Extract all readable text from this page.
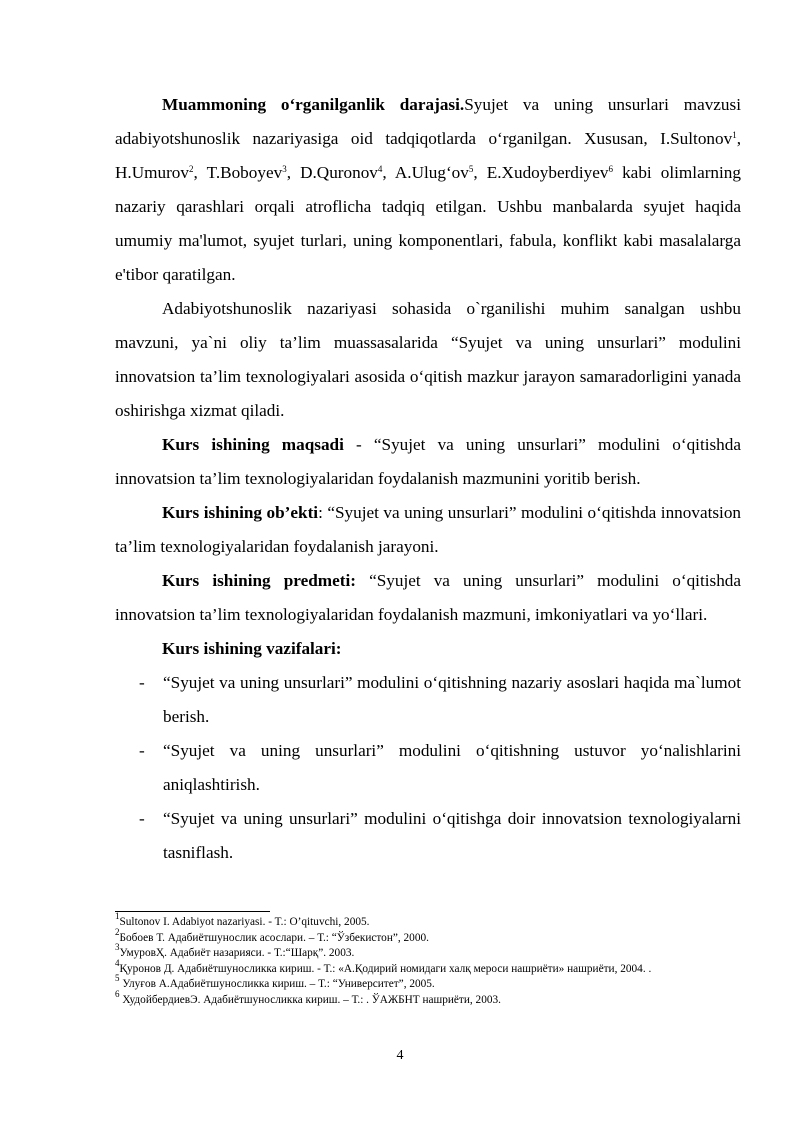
Muammoning o‘rganilganlik darajasi.Syujet va uning unsurlari mavzusi adabiyotshunoslik nazariyasiga oid tadqiqotlarda o‘rganilgan. Xususan, I.Sultonov$^1$, H.Umurov$^2$, T.Boboyev$^3$, D.Quronov$^4$, $A.Ulug‘ov^5$, E.Xudoyberdiyev$^6$ kabi olimlarning nazariy qarashlari orqali atroflicha tadqiq etilgan. Ushbu manbalarda syujet haqida umumiy ma'lumot, syujet turlari, uning komponentlari, fabula, konflikt kabi masalalarga e'tibor qaratilgan.

Adabiyotshunoslik nazariyasi sohasida o`rganilishi muhim sanalgan ushbu mavzuni, ya`ni oliy ta’lim muassasalarida “Syujet va uning unsurlari” modulini innovatsion ta’lim texnologiyalari asosida o‘qitish mazkur jarayon samaradorligini yanada oshirishga xizmat qiladi.

Kurs ishining maqsadi - “Syujet va uning unsurlari” modulini o‘qitishda innovatsion ta’lim texnologiyalaridan foydalanish mazmunini yoritib berish.

Kurs ishining ob’ekti: “Syujet va uning unsurlari” modulini o‘qitishda innovatsion ta’lim texnologiyalaridan foydalanish jarayoni.

Kurs ishining predmeti: “Syujet va uning unsurlari” modulini o‘qitishda innovatsion ta’lim texnologiyalaridan foydalanish mazmuni, imkoniyatlari va yo‘llari.

Kurs ishining vazifalari:

- “Syujet va uning unsurlari” modulini o‘qitishning nazariy asoslari haqida ma`lumot berish.
- “Syujet va uning unsurlari” modulini o‘qitishning ustuvor yo‘nalishlarini aniqlashtirish.
- “Syujet va uning unsurlari” modulini o‘qitishga doir innovatsion texnologiyalarni tasniflash.

$^1$Sultonov I. Adabiyot nazariyasi. - T.: O’qituvchi, 2005.

$^2$Бобоев Т. Адабиётшунослик асослари. – Т.: “Ўзбекистон”, 2000.

$^3$УмуровҲ. Адабиёт назарияси. - Т.:“Шарқ”. 2003.

$^4$Қуронов Д. Адабиётшуносликка кириш. - Т.: «А.Қодирий номидаги халқ мероси нашриёти» нашриёти, 2004. .

$^5$ Улуғов А.Адабиётшуносликка кириш. – Т.: “Университет”, 2005.

$^6$ ХудойбердиевЭ. Адабиётшуносликка кириш. – Т.: . ЎАЖБНТ нашриёти, 2003.

4
